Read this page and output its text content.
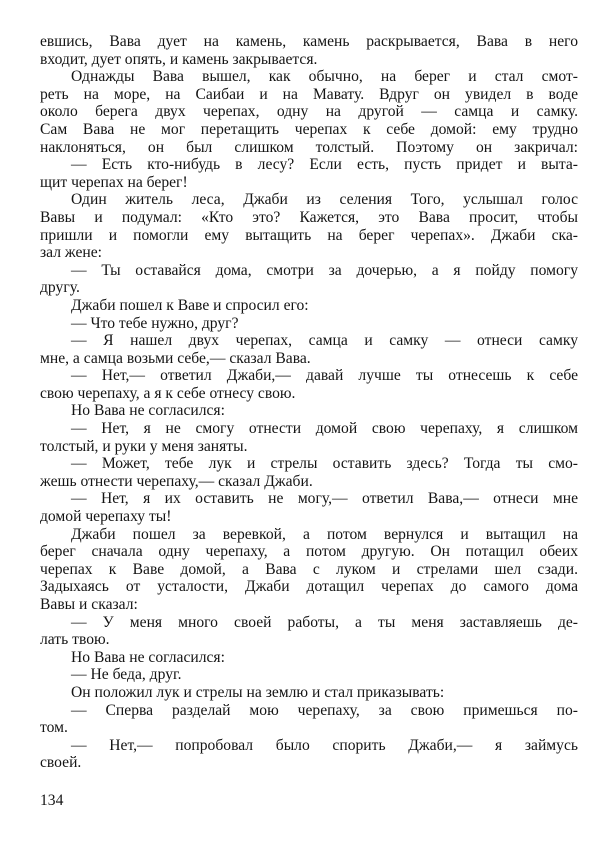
евшись, Вава дует на камень, камень раскрывается, Вава в него
входит, дует опять, и камень закрывается.
Однажды Вава вышел, как обычно, на берег и стал смот-
реть на море, на Саибаи и на Мавату. Вдруг он увидел в воде
около берега двух черепах, одну на другой — самца и самку.
Сам Вава не мог перетащить черепах к себе домой: ему трудно
наклоняться, он был слишком толстый. Поэтому он закричал:
— Есть кто-нибудь в лесу? Если есть, пусть придет и выта-
щит черепах на берег!
Один житель леса, Джаби из селения Того, услышал голос
Вавы и подумал: «Кто это? Кажется, это Вава просит, чтобы
пришли и помогли ему вытащить на берег черепах». Джаби ска-
зал жене:
— Ты оставайся дома, смотри за дочерью, а я пойду помогу
другу.
Джаби пошел к Ваве и спросил его:
— Что тебе нужно, друг?
— Я нашел двух черепах, самца и самку — отнеси самку
мне, а самца возьми себе,— сказал Вава.
— Нет,— ответил Джаби,— давай лучше ты отнесешь к себе
свою черепаху, а я к себе отнесу свою.
Но Вава не согласился:
— Нет, я не смогу отнести домой свою черепаху, я слишком
толстый, и руки у меня заняты.
— Может, тебе лук и стрелы оставить здесь? Тогда ты смо-
жешь отнести черепаху,— сказал Джаби.
— Нет, я их оставить не могу,— ответил Вава,— отнеси мне
домой черепаху ты!
Джаби пошел за веревкой, а потом вернулся и вытащил на
берег сначала одну черепаху, а потом другую. Он потащил обеих
черепах к Ваве домой, а Вава с луком и стрелами шел сзади.
Задыхаясь от усталости, Джаби дотащил черепах до самого дома
Вавы и сказал:
— У меня много своей работы, а ты меня заставляешь де-
лать твою.
Но Вава не согласился:
— Не беда, друг.
Он положил лук и стрелы на землю и стал приказывать:
— Сперва разделай мою черепаху, за свою примешься по-
том.
— Нет,— попробовал было спорить Джаби,— я займусь
своей.
134
